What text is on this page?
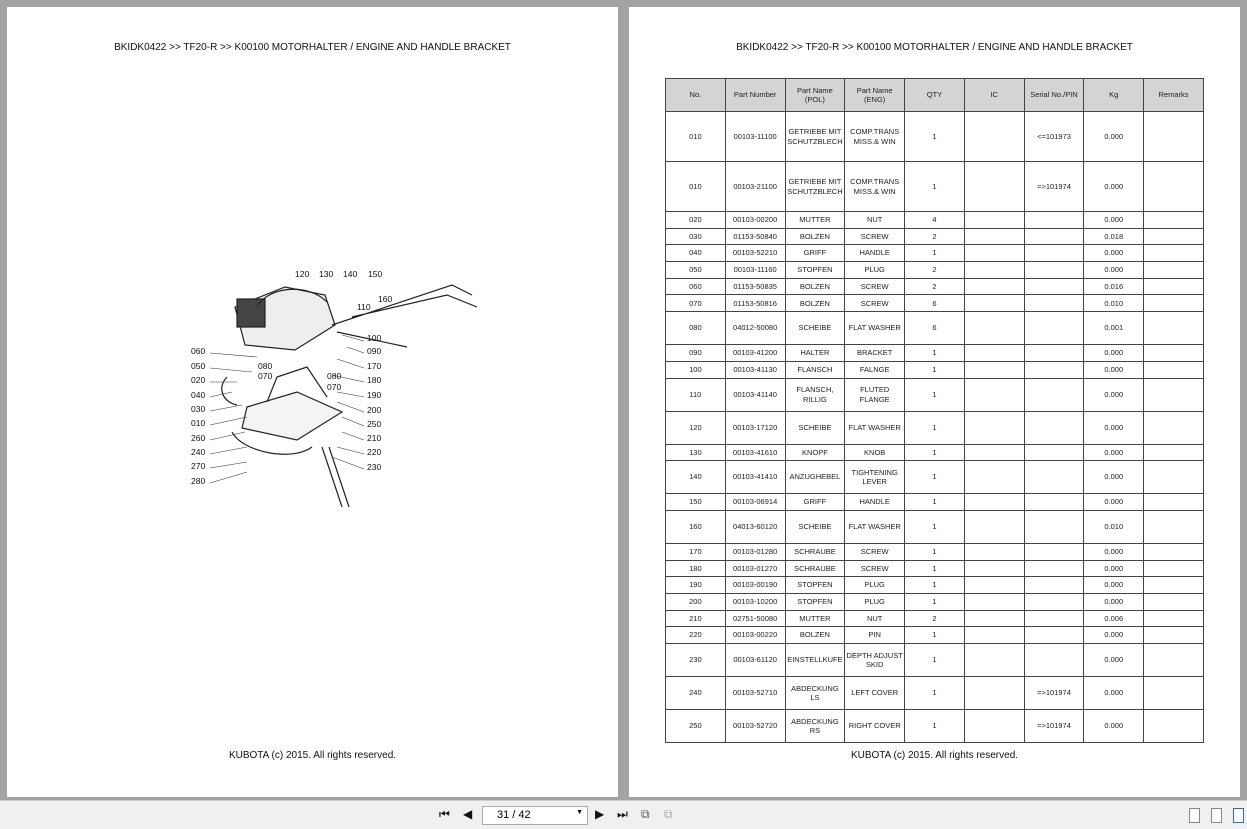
BKIDK0422 >> TF20-R >> K00100 MOTORHALTER / ENGINE AND HANDLE BRACKET
060
050
020
040
030
010
260
240
270
280
100
090
170
180
190
200
250
210
220
230
120 130 140 150
160
110
080
070	080
070
KUBOTA (c) 2015. All rights reserved.
BKIDK0422 >> TF20-R >> K00100 MOTORHALTER / ENGINE AND HANDLE BRACKET
No.	Part Number	Part Name (POL)	Part Name (ENG)	QTY	IC	Serial No./PIN	Kg	Remarks
010	00103-11100	GETRIEBE MIT SCHUTZBLECH	COMP.TRANS MISS.& WIN	1		<=101973	0.000	
010	00103-21100	GETRIEBE MIT SCHUTZBLECH	COMP.TRANS MISS.& WIN	1		=>101974	0.000	
020	00103-00200	MUTTER	NUT	4			0.000	
030	01153-50840	BOLZEN	SCREW	2			0.018	
040	00103-52210	GRIFF	HANDLE	1			0.000	
050	00103-11160	STOPFEN	PLUG	2			0.000	
060	01153-50835	BOLZEN	SCREW	2			0.016	
070	01153-50816	BOLZEN	SCREW	6			0.010	
080	04012-50080	SCHEIBE	FLAT WASHER	6			0.001	
090	00103-41200	HALTER	BRACKET	1			0.000	
100	00103-41130	FLANSCH	FALNGE	1			0.000	
110	00103-41140	FLANSCH, RILLIG	FLUTED FLANGE	1			0.000	
120	00103-17120	SCHEIBE	FLAT WASHER	1			0.000	
130	00103-41610	KNOPF	KNOB	1			0.000	
140	00103-41410	ANZUGHEBEL	TIGHTENING LEVER	1			0.000	
150	00103-06914	GRIFF	HANDLE	1			0.000	
160	04013-60120	SCHEIBE	FLAT WASHER	1			0.010	
170	00103-01280	SCHRAUBE	SCREW	1			0.000	
180	00103-01270	SCHRAUBE	SCREW	1			0.000	
190	00103-00190	STOPFEN	PLUG	1			0.000	
200	00103-10200	STOPFEN	PLUG	1			0.000	
210	02751-50080	MUTTER	NUT	2			0.006	
220	00103-00220	BOLZEN	PIN	1			0.000	
230	00103-61120	EINSTELLKUFE	DEPTH ADJUST SKID	1			0.000	
240	00103-52710	ABDECKUNG LS	LEFT COVER	1		=>101974	0.000	
250	00103-52720	ABDECKUNG RS	RIGHT COVER	1		=>101974	0.000	
KUBOTA (c) 2015. All rights reserved.
⏮ ◀ 31 / 42	▼ ▶ ⏭ ⧉ ⧉
